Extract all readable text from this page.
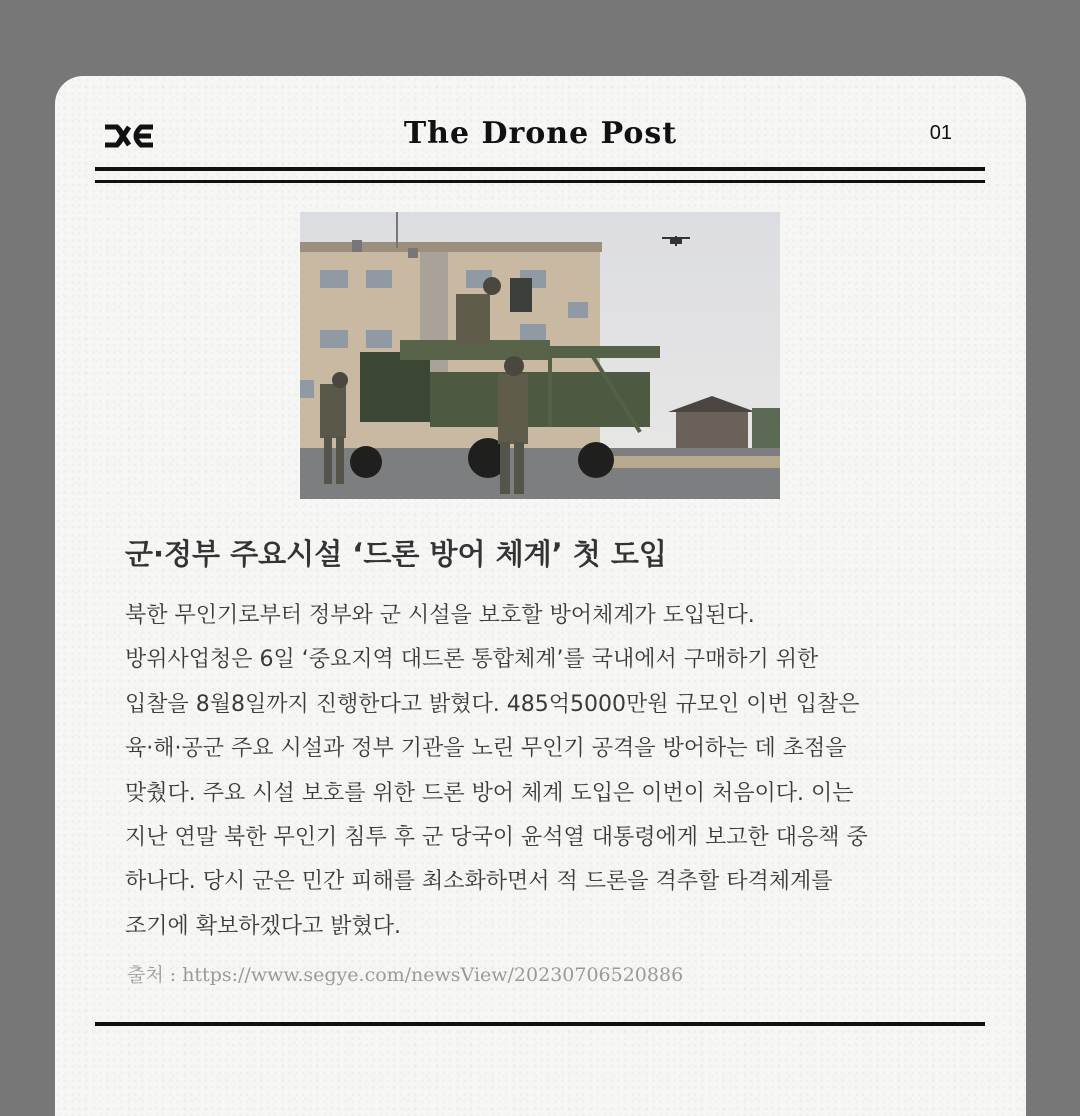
The Drone Post	01
군·정부 주요시설 ‘드론 방어 체계’ 첫 도입

북한 무인기로부터 정부와 군 시설을 보호할 방어체계가 도입된다.
방위사업청은 6일 ‘중요지역 대드론 통합체계’를 국내에서 구매하기 위한
입찰을 8월8일까지 진행한다고 밝혔다. 485억5000만원 규모인 이번 입찰은
육·해·공군 주요 시설과 정부 기관을 노린 무인기 공격을 방어하는 데 초점을
맞췄다. 주요 시설 보호를 위한 드론 방어 체계 도입은 이번이 처음이다. 이는
지난 연말 북한 무인기 침투 후 군 당국이 윤석열 대통령에게 보고한 대응책 중
하나다. 당시 군은 민간 피해를 최소화하면서 적 드론을 격추할 타격체계를
조기에 확보하겠다고 밝혔다.

출처 : https://www.segye.com/newsView/20230706520886
